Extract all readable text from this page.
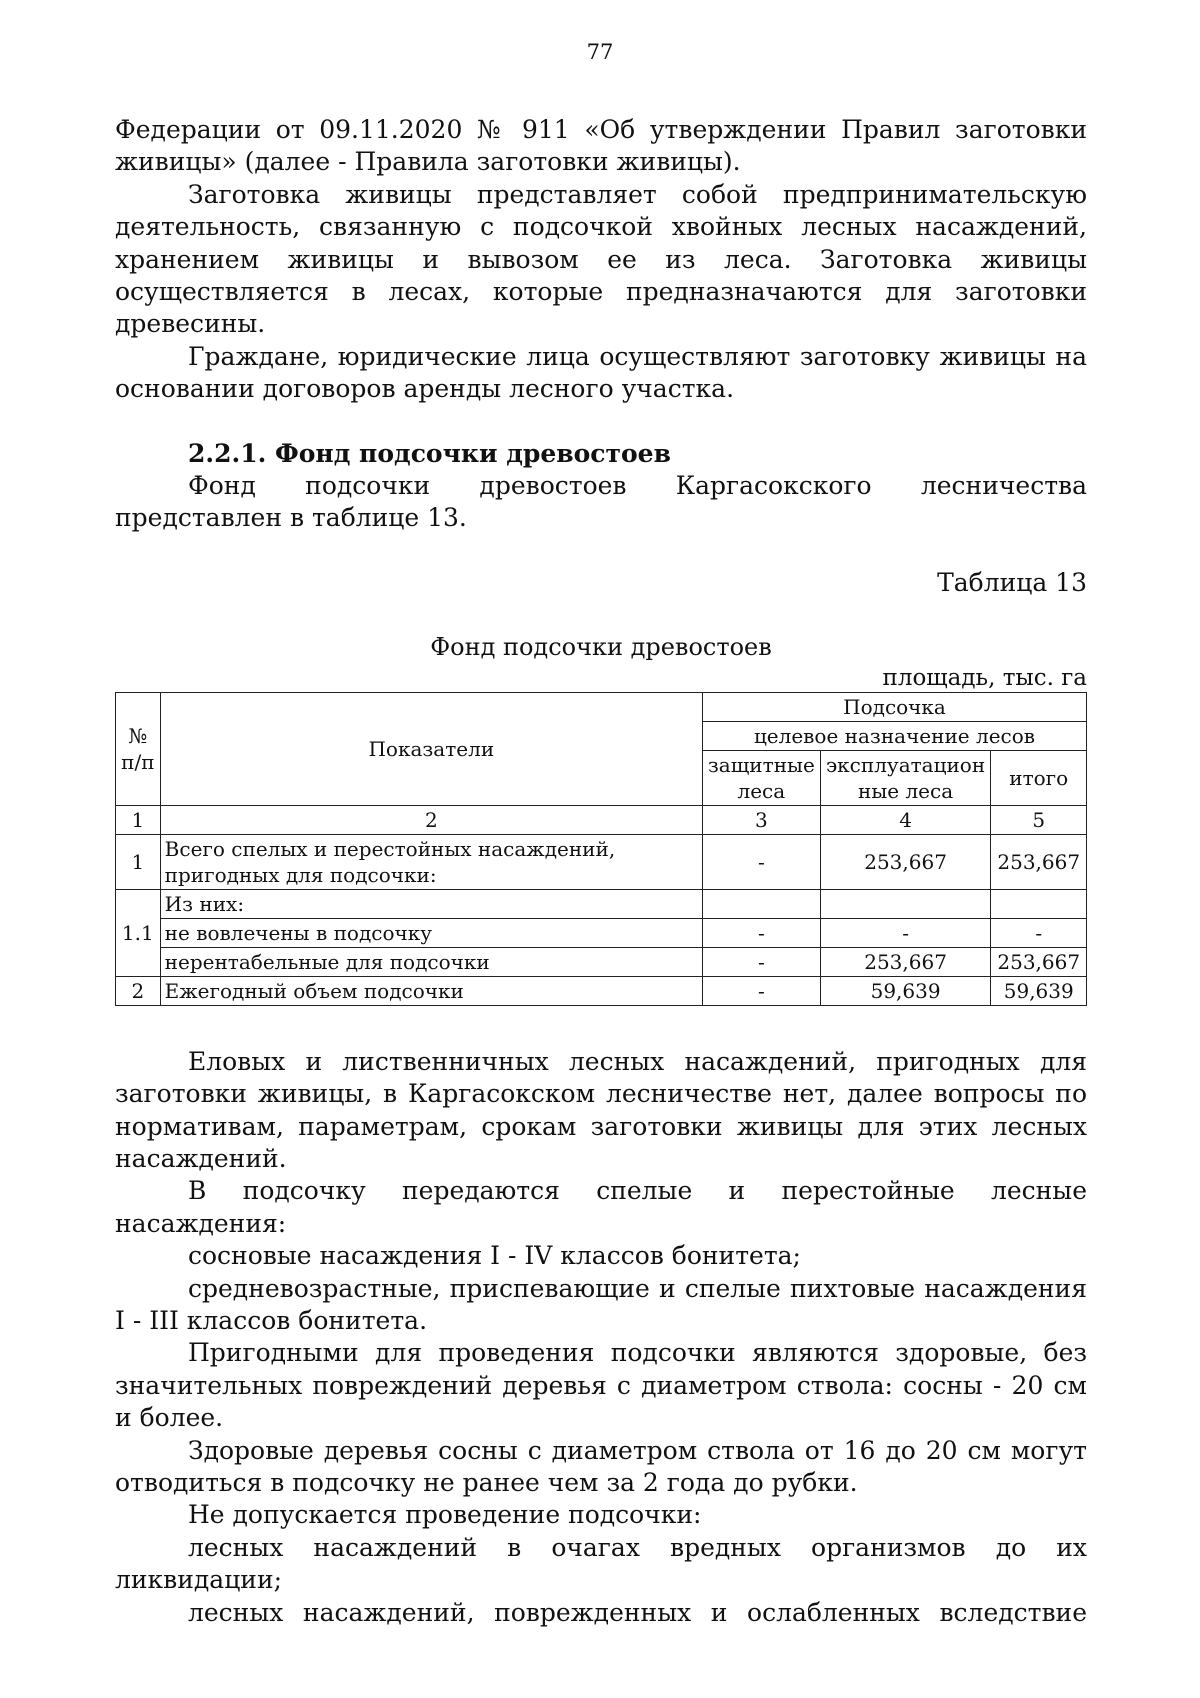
77

Федерации от 09.11.2020 № 911 «Об утверждении Правил заготовки живицы» (далее - Правила заготовки живицы).

Заготовка живицы представляет собой предпринимательскую деятельность, связанную с подсочкой хвойных лесных насаждений, хранением живицы и вывозом ее из леса. Заготовка живицы осуществляется в лесах, которые предназначаются для заготовки древесины.

Граждане, юридические лица осуществляют заготовку живицы на основании договоров аренды лесного участка.

2.2.1. Фонд подсочки древостоев

Фонд подсочки древостоев Каргасокского лесничества представлен в таблице 13.

Таблица 13

Фонд подсочки древостоев

площадь, тыс. га

№ п/п	Показатели	Подсочка		
		целевое назначение лесов		
		защитные леса	эксплуатацион ные леса	итого
1	2	3	4	5
1	Всего спелых и перестойных насаждений, пригодных для подсочки:	-	253,667	253,667
1.1	Из них:			
	не вовлечены в подсочку	-	-	-
	нерентабельные для подсочки	-	253,667	253,667
2	Ежегодный объем подсочки	-	59,639	59,639

Еловых и лиственничных лесных насаждений, пригодных для заготовки живицы, в Каргасокском лесничестве нет, далее вопросы по нормативам, параметрам, срокам заготовки живицы для этих лесных насаждений.

В подсочку передаются спелые и перестойные лесные насаждения:

сосновые насаждения I - IV классов бонитета;

средневозрастные, приспевающие и спелые пихтовые насаждения I - III классов бонитета.

Пригодными для проведения подсочки являются здоровые, без значительных повреждений деревья с диаметром ствола: сосны - 20 см и более.

Здоровые деревья сосны с диаметром ствола от 16 до 20 см могут отводиться в подсочку не ранее чем за 2 года до рубки.

Не допускается проведение подсочки:

лесных насаждений в очагах вредных организмов до их ликвидации;

лесных насаждений, поврежденных и ослабленных вследствие
